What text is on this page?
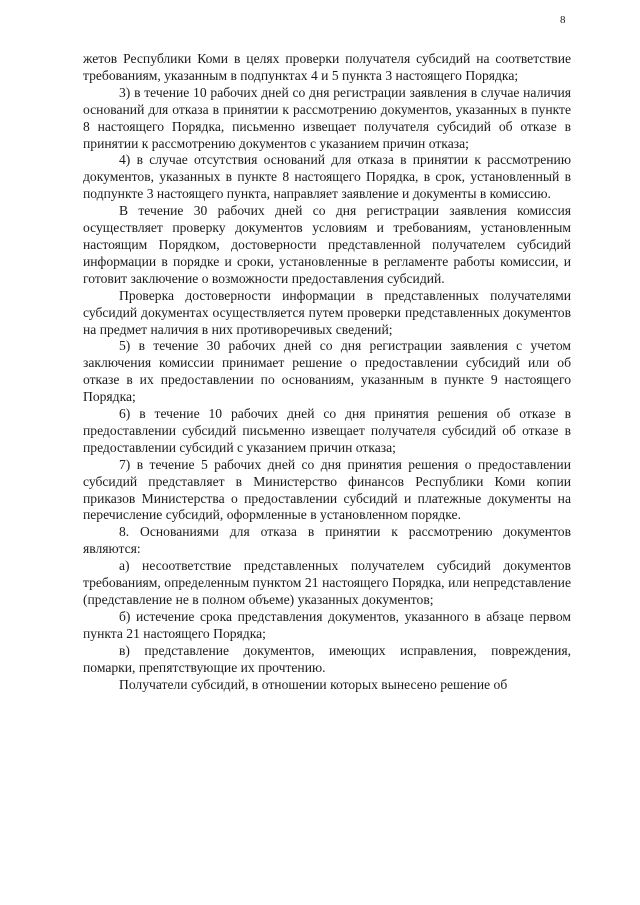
8

жетов Республики Коми в целях проверки получателя субсидий на соответствие требованиям, указанным в подпунктах 4 и 5 пункта 3 настоящего Порядка;

3) в течение 10 рабочих дней со дня регистрации заявления в случае наличия оснований для отказа в принятии к рассмотрению документов, указанных в пункте 8 настоящего Порядка, письменно извещает получателя субсидий об отказе в принятии к рассмотрению документов с указанием причин отказа;

4) в случае отсутствия оснований для отказа в принятии к рассмотрению документов, указанных в пункте 8 настоящего Порядка, в срок, установленный в подпункте 3 настоящего пункта, направляет заявление и документы в комиссию.

В течение 30 рабочих дней со дня регистрации заявления комиссия осуществляет проверку документов условиям и требованиям, установленным настоящим Порядком, достоверности представленной получателем субсидий информации в порядке и сроки, установленные в регламенте работы комиссии, и готовит заключение о возможности предоставления субсидий.

Проверка достоверности информации в представленных получателями субсидий документах осуществляется путем проверки представленных документов на предмет наличия в них противоречивых сведений;

5) в течение 30 рабочих дней со дня регистрации заявления с учетом заключения комиссии принимает решение о предоставлении субсидий или об отказе в их предоставлении по основаниям, указанным в пункте 9 настоящего Порядка;

6) в течение 10 рабочих дней со дня принятия решения об отказе в предоставлении субсидий письменно извещает получателя субсидий об отказе в предоставлении субсидий с указанием причин отказа;

7) в течение 5 рабочих дней со дня принятия решения о предоставлении субсидий представляет в Министерство финансов Республики Коми копии приказов Министерства о предоставлении субсидий и платежные документы на перечисление субсидий, оформленные в установленном порядке.

8. Основаниями для отказа в принятии к рассмотрению документов являются:

а) несоответствие представленных получателем субсидий документов требованиям, определенным пунктом 21 настоящего Порядка, или непредставление (представление не в полном объеме) указанных документов;

б) истечение срока представления документов, указанного в абзаце первом пункта 21 настоящего Порядка;

в) представление документов, имеющих исправления, повреждения, помарки, препятствующие их прочтению.

Получатели субсидий, в отношении которых вынесено решение об
